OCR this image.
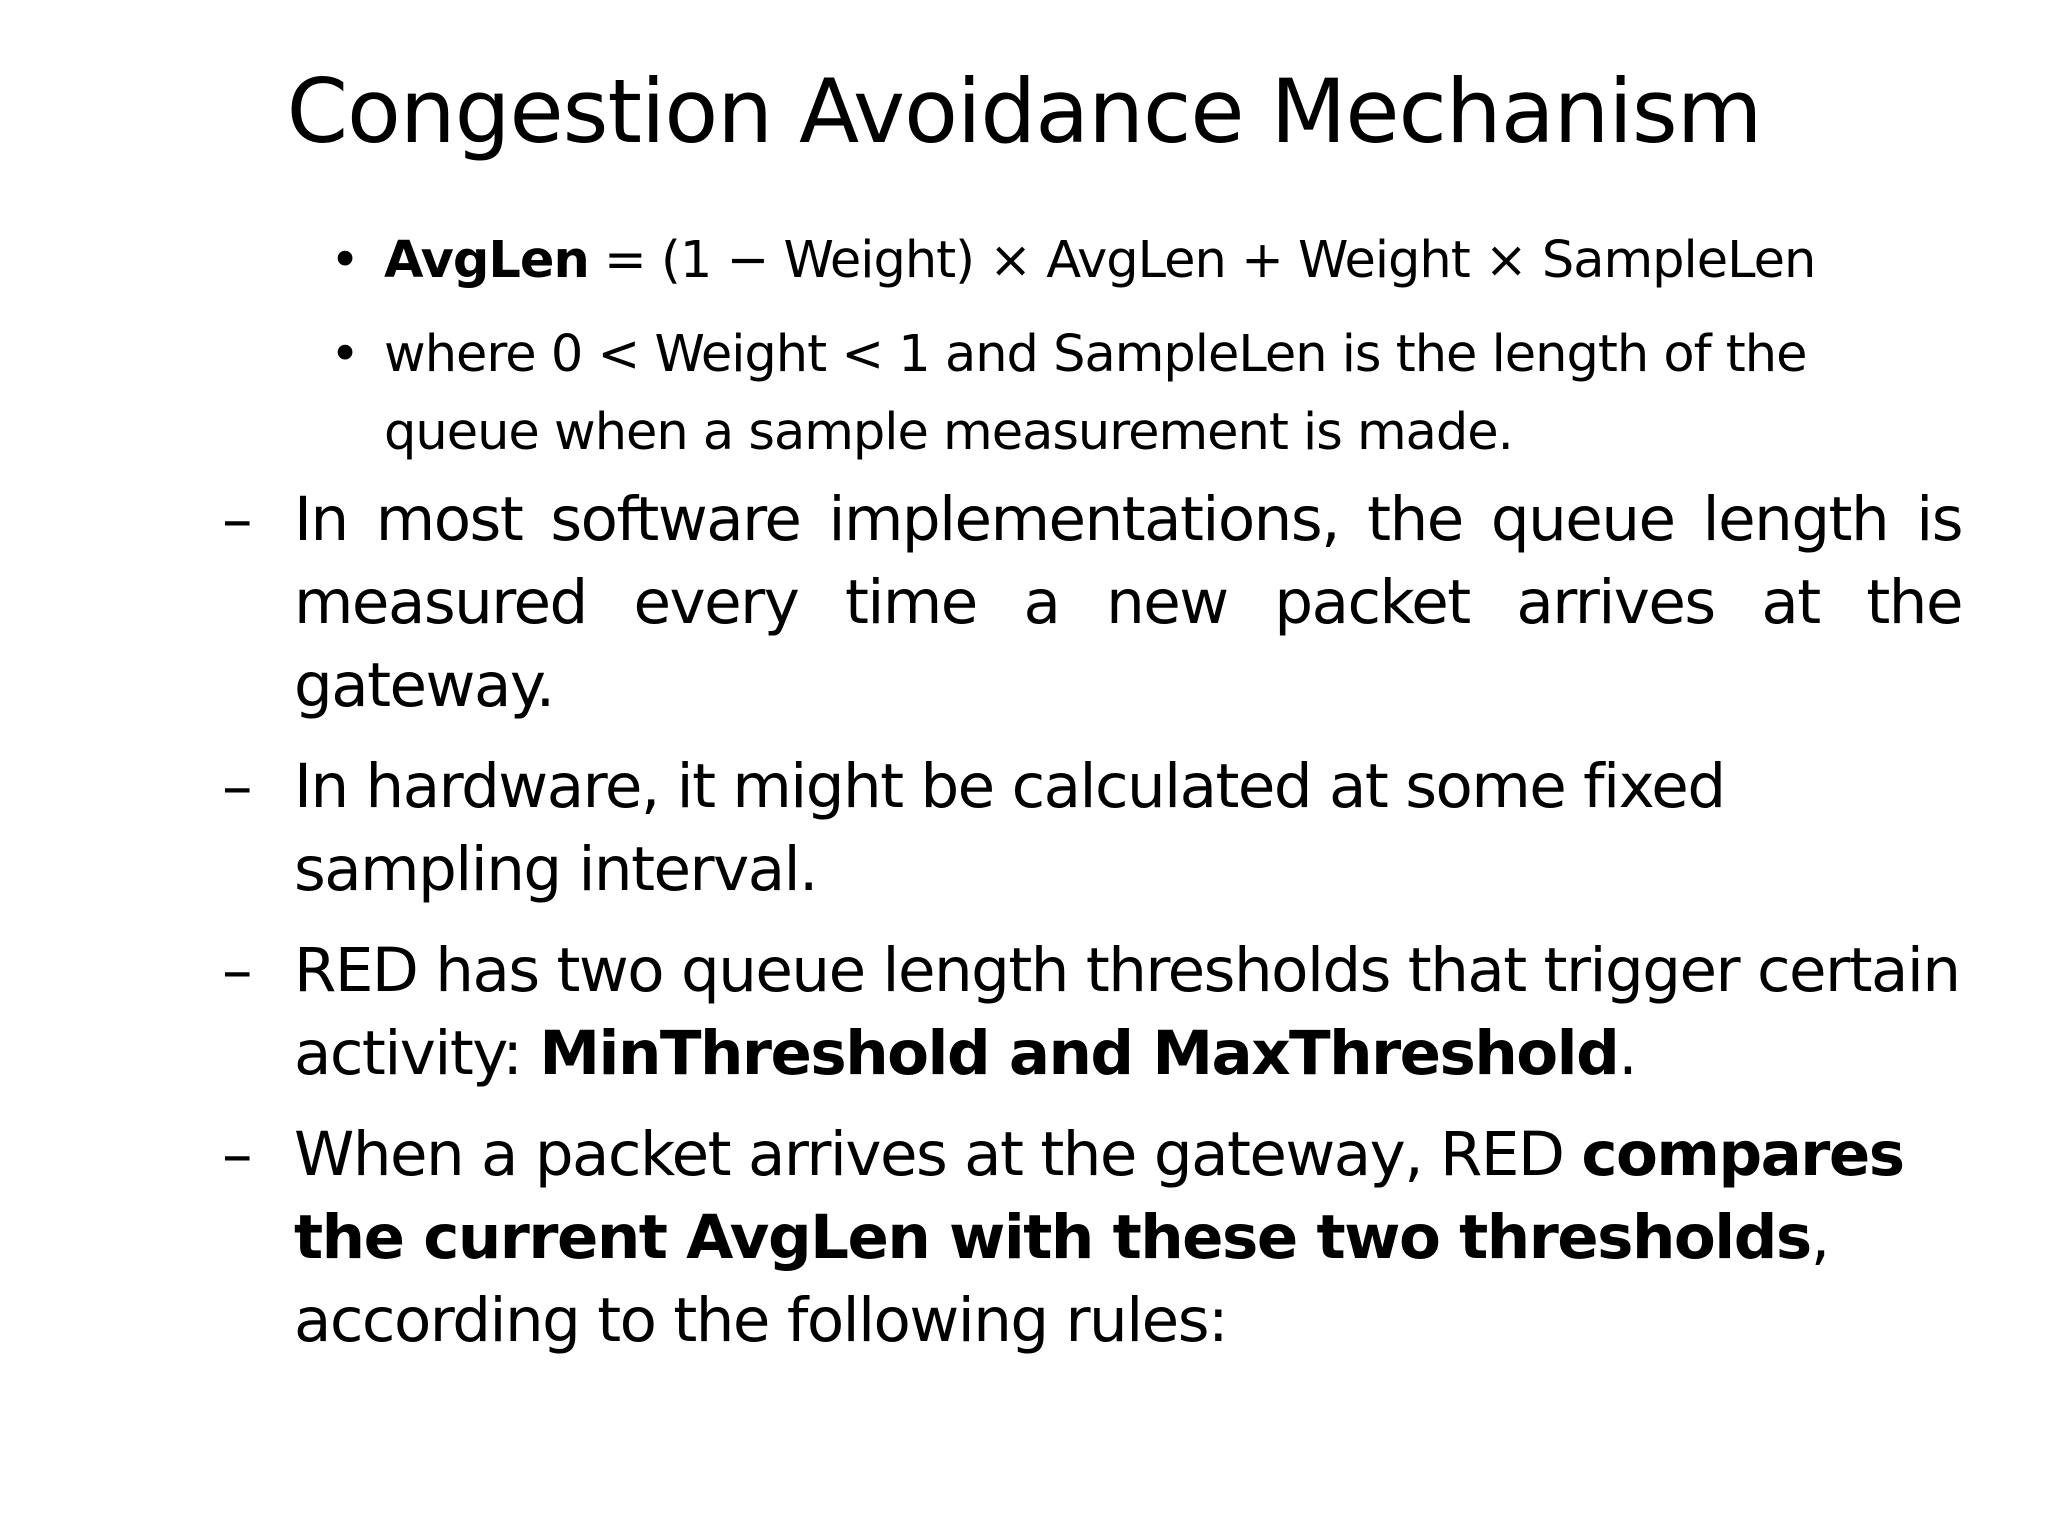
Congestion Avoidance Mechanism
• AvgLen = (1 − Weight) × AvgLen + Weight × SampleLen
• where 0 < Weight < 1 and SampleLen is the length of the queue when a sample measurement is made.
– In most software implementations, the queue length is measured every time a new packet arrives at the gateway.
– In hardware, it might be calculated at some fixed sampling interval.
– RED has two queue length thresholds that trigger certain activity: MinThreshold and MaxThreshold.
– When a packet arrives at the gateway, RED compares the current AvgLen with these two thresholds, according to the following rules:
